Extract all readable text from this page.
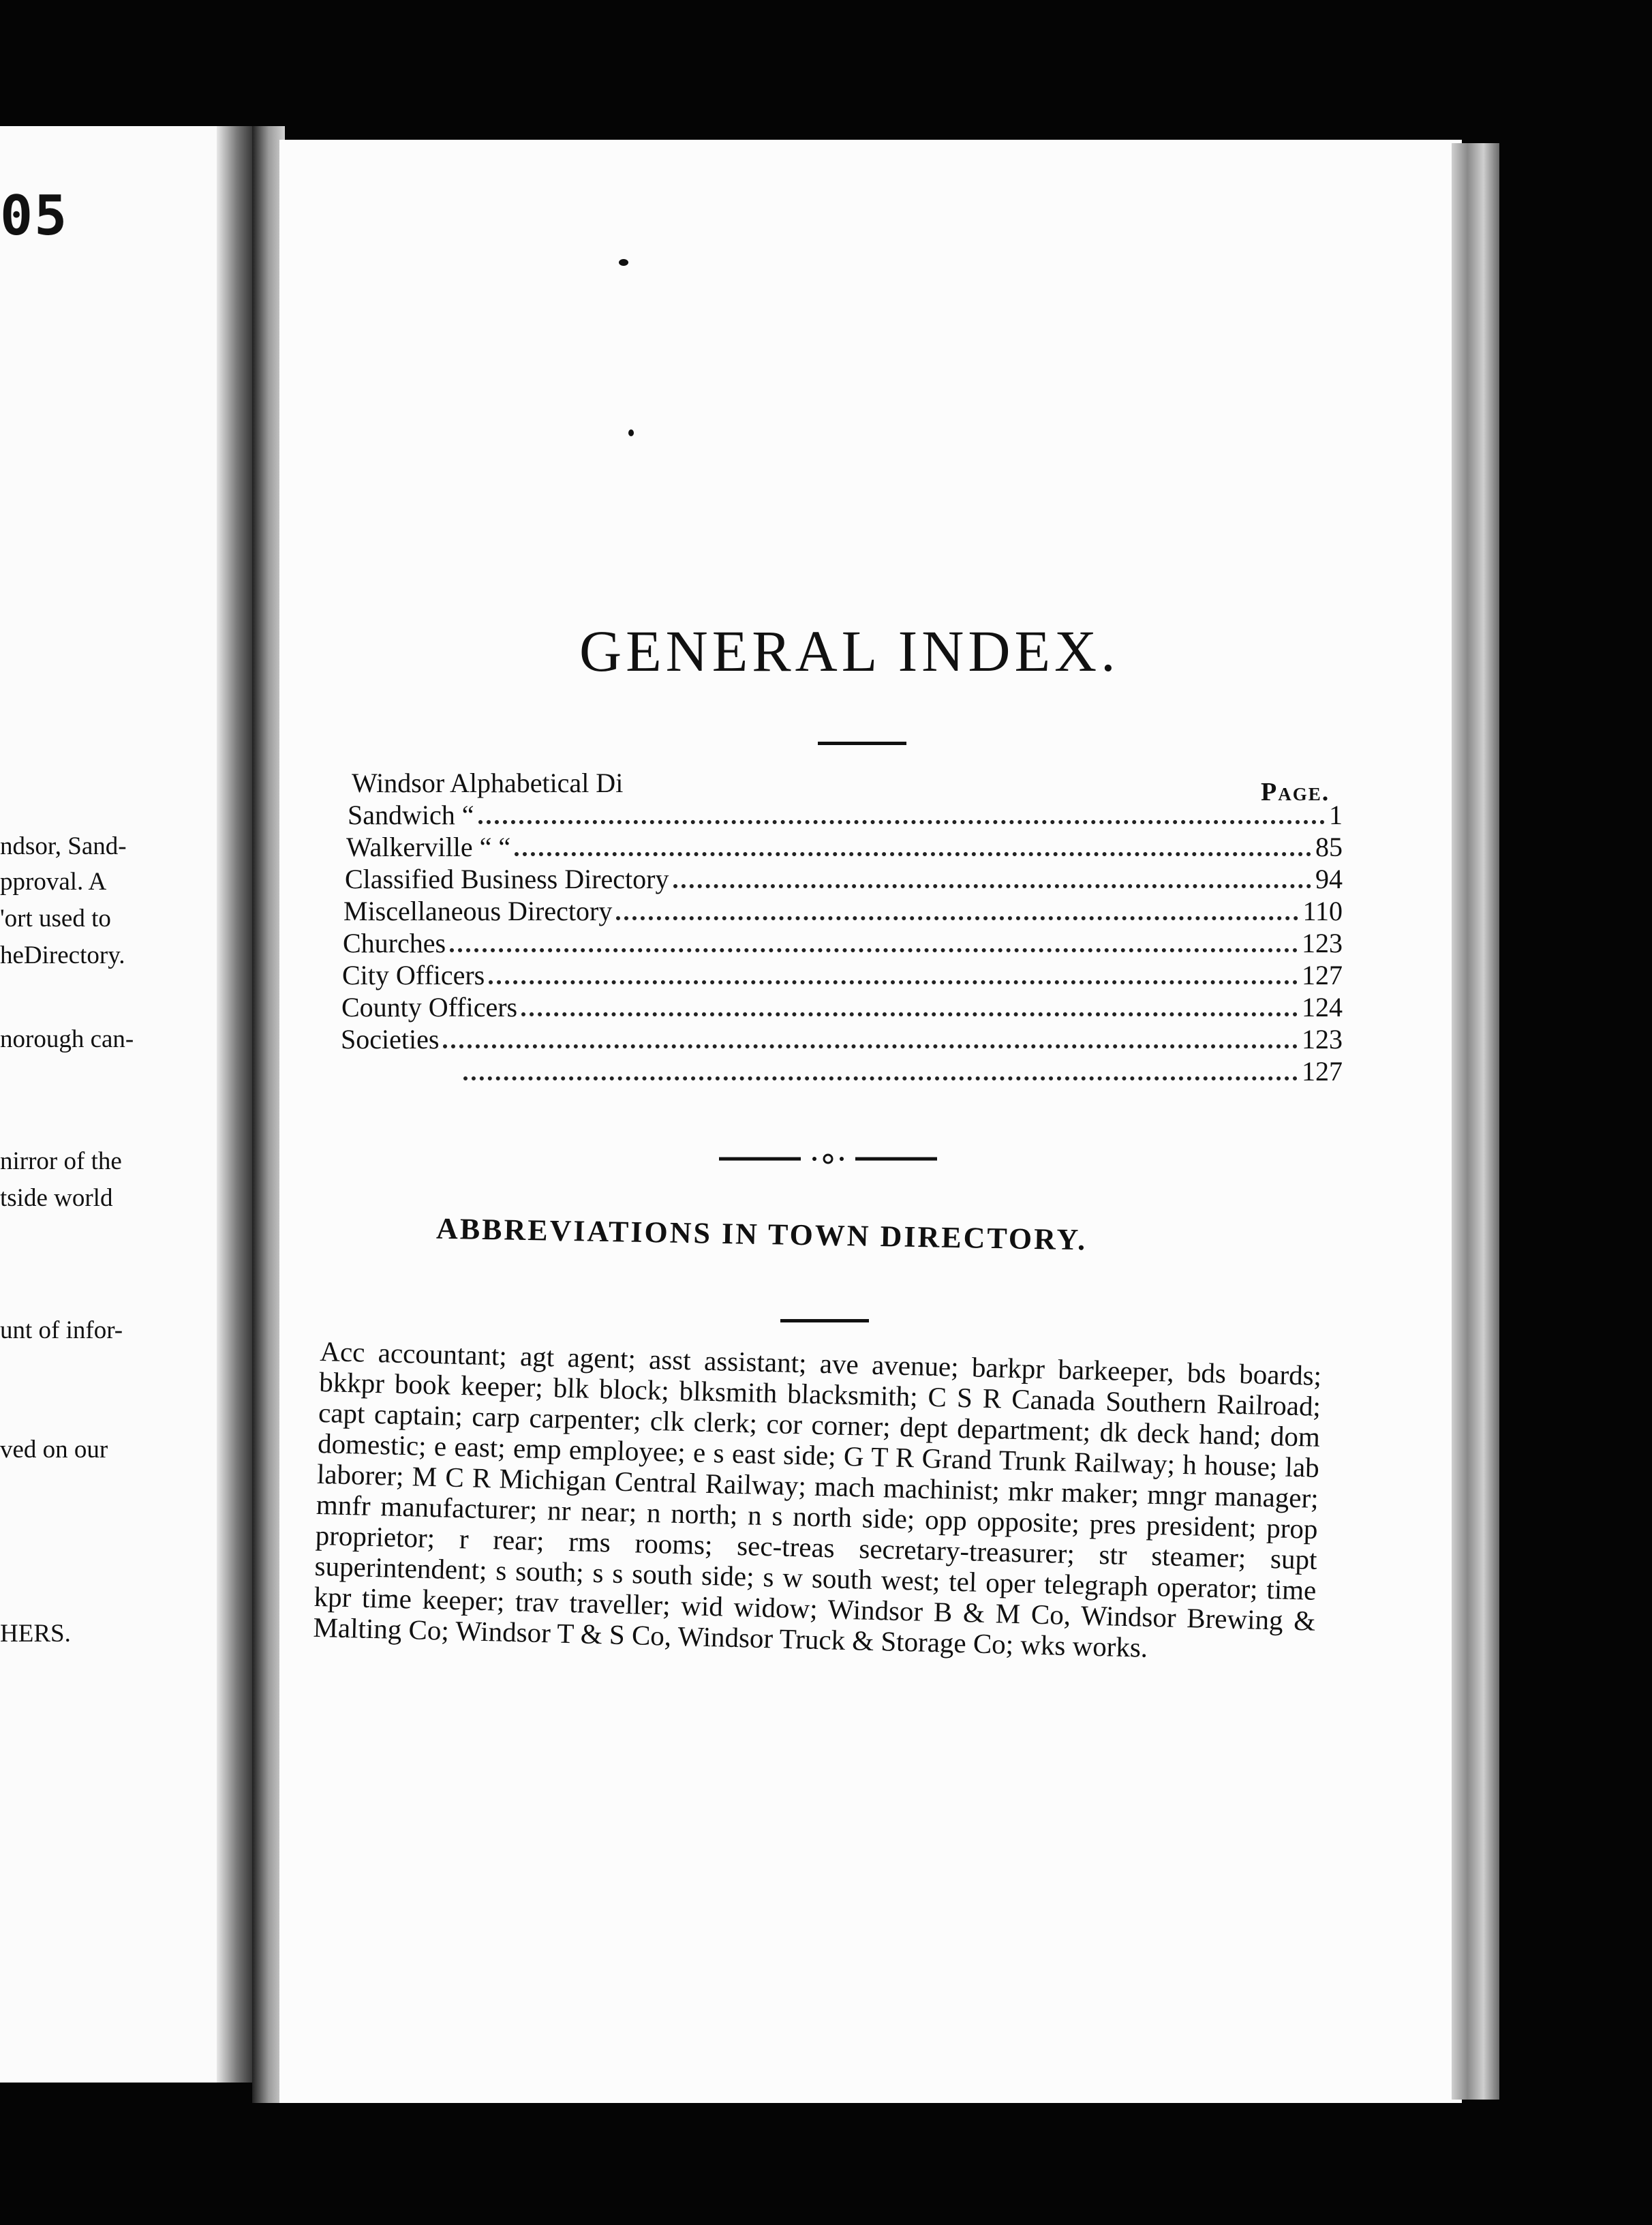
05
ndsor, Sand-
pproval. A
'ort used to
heDirectory.
norough can-
nirror of the
tside world
unt of infor-
ved on our
HERS.
GENERAL INDEX.
Page.
Windsor Alphabetical Di
Sandwich “	1
Walkerville “ “	85
Classified Business Directory	94
Miscellaneous Directory	110
Churches	123
City Officers	127
County Officers	124
Societies	123
127
ABBREVIATIONS IN TOWN DIRECTORY.
Acc accountant; agt agent; asst assistant; ave avenue; barkpr barkeeper, bds boards; bkkpr book keeper; blk block; blksmith blacksmith; C S R Canada Southern Railroad; capt captain; carp carpenter; clk clerk; cor corner; dept department; dk deck hand; dom domestic; e east; emp employee; e s east side; G T R Grand Trunk Railway; h house; lab laborer; M C R Michigan Central Railway; mach machinist; mkr maker; mngr manager; mnfr manufacturer; nr near; n north; n s north side; opp opposite; pres president; prop proprietor; r rear; rms rooms; sec-treas secretary-treasurer; str steamer; supt superintendent; s south; s s south side; s w south west; tel oper telegraph operator; time kpr time keeper; trav traveller; wid widow; Windsor B & M Co, Windsor Brewing & Malting Co; Windsor T & S Co, Windsor Truck & Storage Co; wks works.
